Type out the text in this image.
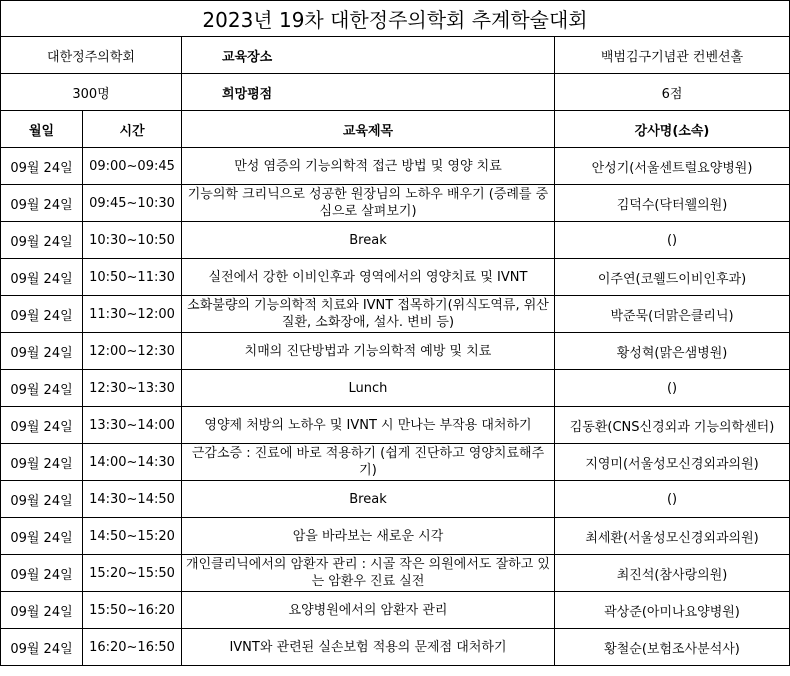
2023년 19차 대한정주의학회 추계학술대회			
대한정주의학회		교육장소	백범김구기념관 컨벤션홀
300명		희망평점	6점
월일	시간	교육제목	강사명(소속)
09월 24일	09:00~09:45	만성 염증의 기능의학적 접근 방법 및 영양 치료	안성기(서울센트럴요양병원)
09월 24일	09:45~10:30	기능의학 크리닉으로 성공한 원장님의 노하우 배우기 (증례를 중심으로 살펴보기)	김덕수(닥터웰의원)
09월 24일	10:30~10:50	Break	()
09월 24일	10:50~11:30	실전에서 강한 이비인후과 영역에서의 영양치료 및 IVNT	이주연(코웰드이비인후과)
09월 24일	11:30~12:00	소화불량의 기능의학적 치료와 IVNT 접목하기(위식도역류, 위산질환, 소화장애, 설사. 변비 등)	박준묵(더맑은클리닉)
09월 24일	12:00~12:30	치매의 진단방법과 기능의학적 예방 및 치료	황성혁(맑은샘병원)
09월 24일	12:30~13:30	Lunch	()
09월 24일	13:30~14:00	영양제 처방의 노하우 및 IVNT 시 만나는 부작용 대처하기	김동환(CNS신경외과 기능의학센터)
09월 24일	14:00~14:30	근감소증 : 진료에 바로 적용하기 (쉽게 진단하고 영양치료해주기)	지영미(서울성모신경외과의원)
09월 24일	14:30~14:50	Break	()
09월 24일	14:50~15:20	암을 바라보는 새로운 시각	최세환(서울성모신경외과의원)
09월 24일	15:20~15:50	개인클리닉에서의 암환자 관리 : 시골 작은 의원에서도 잘하고 있는 암환우 진료 실전	최진석(참사랑의원)
09월 24일	15:50~16:20	요양병원에서의 암환자 관리	곽상준(아미나요양병원)
09월 24일	16:20~16:50	IVNT와 관련된 실손보험 적용의 문제점 대처하기	황철순(보험조사분석사)
